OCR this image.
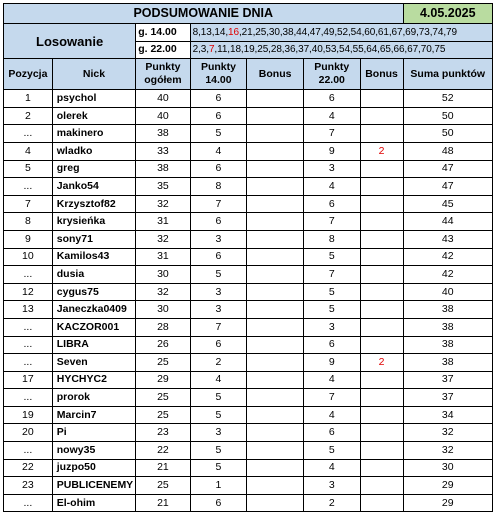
PODSUMOWANIE DNIA							4.05.2025
Losowanie		g. 14.00	8,13,14,16,21,25,30,38,44,47,49,52,54,60,61,67,69,73,74,79				
		g. 22.00	2,3,7,11,18,19,25,28,36,37,40,53,54,55,64,65,66,67,70,75				
Pozycja	Nick	Punkty ogółem	Punkty 14.00	Bonus	Punkty 22.00	Bonus	Suma punktów
1	psychol	40	6		6		52
2	olerek	40	6		4		50
...	makinero	38	5		7		50
4	wladko	33	4		9	2	48
5	greg	38	6		3		47
...	Janko54	35	8		4		47
7	Krzysztof82	32	7		6		45
8	krysieńka	31	6		7		44
9	sony71	32	3		8		43
10	Kamilos43	31	6		5		42
...	dusia	30	5		7		42
12	cygus75	32	3		5		40
13	Janeczka0409	30	3		5		38
...	KACZOR001	28	7		3		38
...	LIBRA	26	6		6		38
...	Seven	25	2		9	2	38
17	HYCHYC2	29	4		4		37
...	prorok	25	5		7		37
19	Marcin7	25	5		4		34
20	Pi	23	3		6		32
...	nowy35	22	5		5		32
22	juzpo50	21	5		4		30
23	PUBLICENEMY	25	1		3		29
...	El-ohim	21	6		2		29
